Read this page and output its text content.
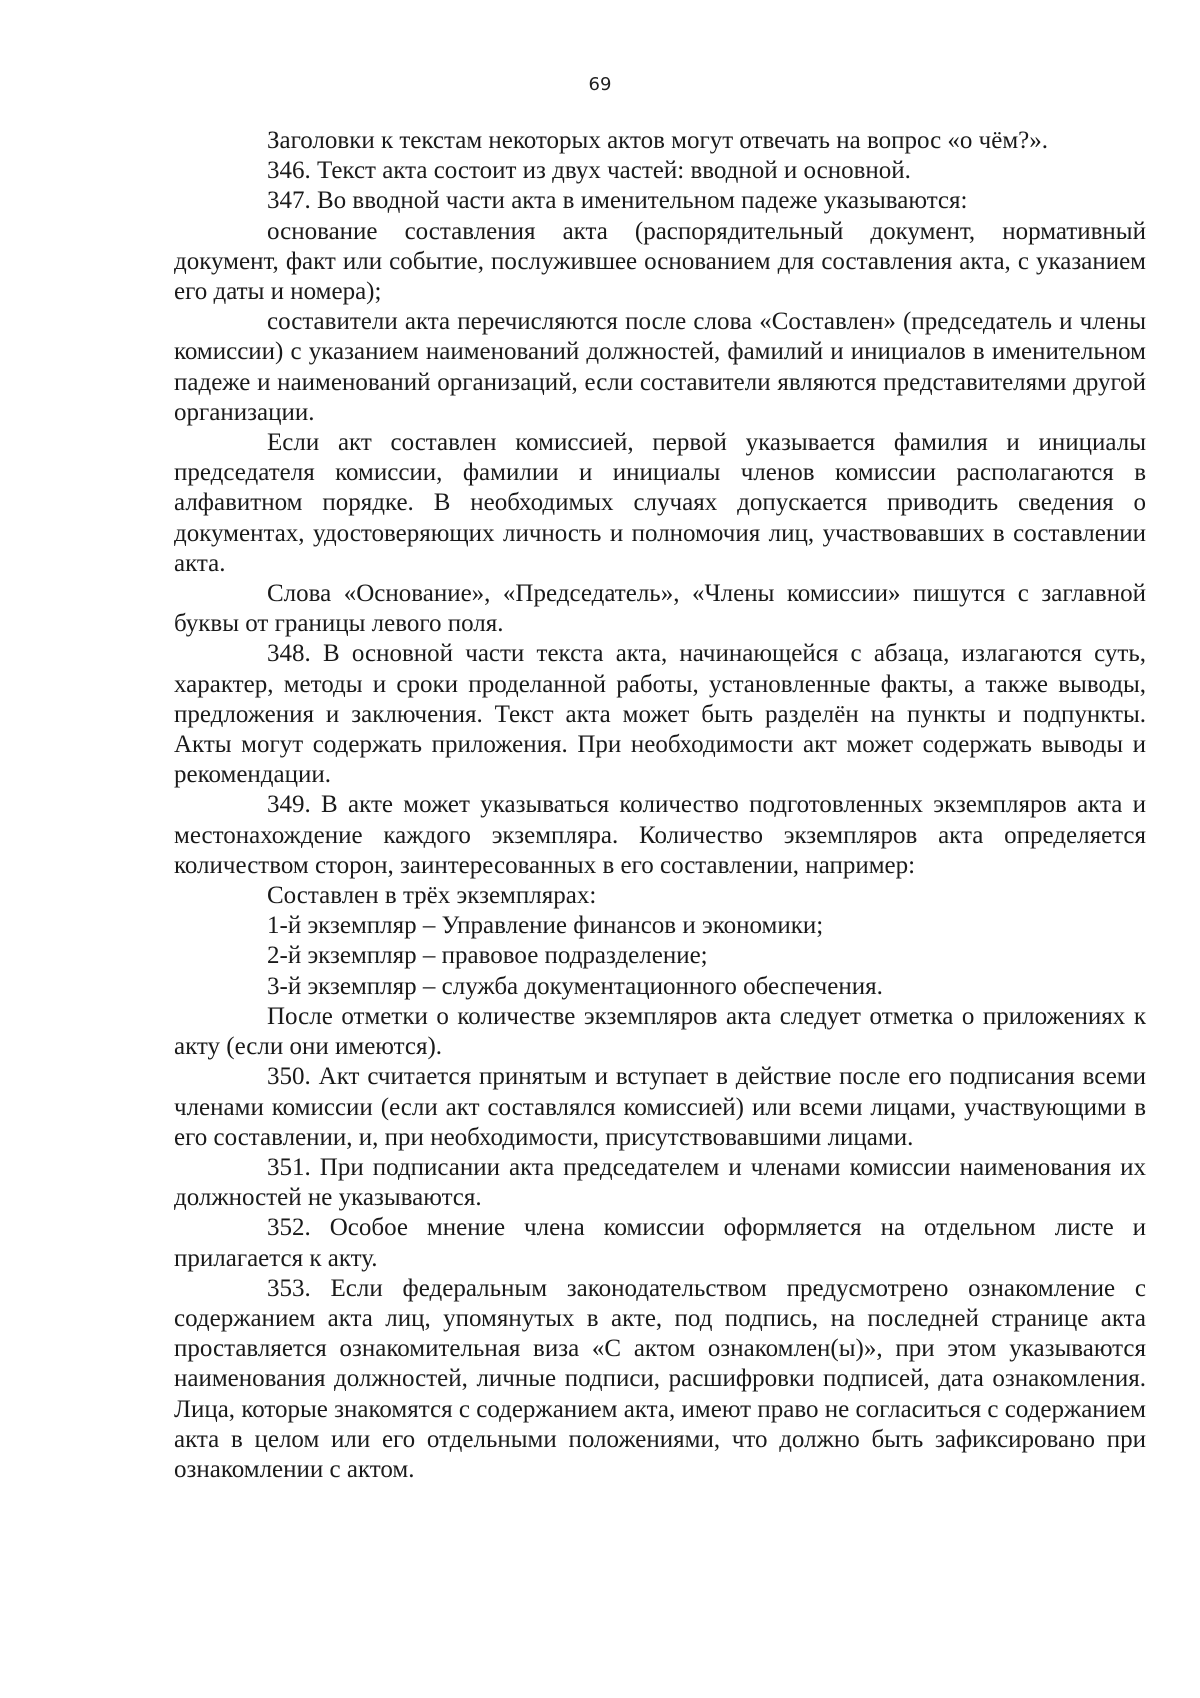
69

Заголовки к текстам некоторых актов могут отвечать на вопрос «о чём?».

346. Текст акта состоит из двух частей: вводной и основной.

347. Во вводной части акта в именительном падеже указываются:

основание составления акта (распорядительный документ, нормативный документ, факт или событие, послужившее основанием для составления акта, с указанием его даты и номера);

составители акта перечисляются после слова «Составлен» (председатель и члены комиссии) с указанием наименований должностей, фамилий и инициалов в именительном падеже и наименований организаций, если составители являются представителями другой организации.

Если акт составлен комиссией, первой указывается фамилия и инициалы председателя комиссии, фамилии и инициалы членов комиссии располагаются в алфавитном порядке. В необходимых случаях допускается приводить сведения о документах, удостоверяющих личность и полномочия лиц, участвовавших в составлении акта.

Слова «Основание», «Председатель», «Члены комиссии» пишутся с заглавной буквы от границы левого поля.

348. В основной части текста акта, начинающейся с абзаца, излагаются суть, характер, методы и сроки проделанной работы, установленные факты, а также выводы, предложения и заключения. Текст акта может быть разделён на пункты и подпункты. Акты могут содержать приложения. При необходимости акт может содержать выводы и рекомендации.

349. В акте может указываться количество подготовленных экземпляров акта и местонахождение каждого экземпляра. Количество экземпляров акта определяется количеством сторон, заинтересованных в его составлении, например:

Составлен в трёх экземплярах:

1-й экземпляр – Управление финансов и экономики;

2-й экземпляр – правовое подразделение;

3-й экземпляр – служба документационного обеспечения.

После отметки о количестве экземпляров акта следует отметка о приложениях к акту (если они имеются).

350. Акт считается принятым и вступает в действие после его подписания всеми членами комиссии (если акт составлялся комиссией) или всеми лицами, участвующими в его составлении, и, при необходимости, присутствовавшими лицами.

351. При подписании акта председателем и членами комиссии наименования их должностей не указываются.

352. Особое мнение члена комиссии оформляется на отдельном листе и прилагается к акту.

353. Если федеральным законодательством предусмотрено ознакомление с содержанием акта лиц, упомянутых в акте, под подпись, на последней странице акта проставляется ознакомительная виза «С актом ознакомлен(ы)», при этом указываются наименования должностей, личные подписи, расшифровки подписей, дата ознакомления. Лица, которые знакомятся с содержанием акта, имеют право не согласиться с содержанием акта в целом или его отдельными положениями, что должно быть зафиксировано при ознакомлении с актом.
